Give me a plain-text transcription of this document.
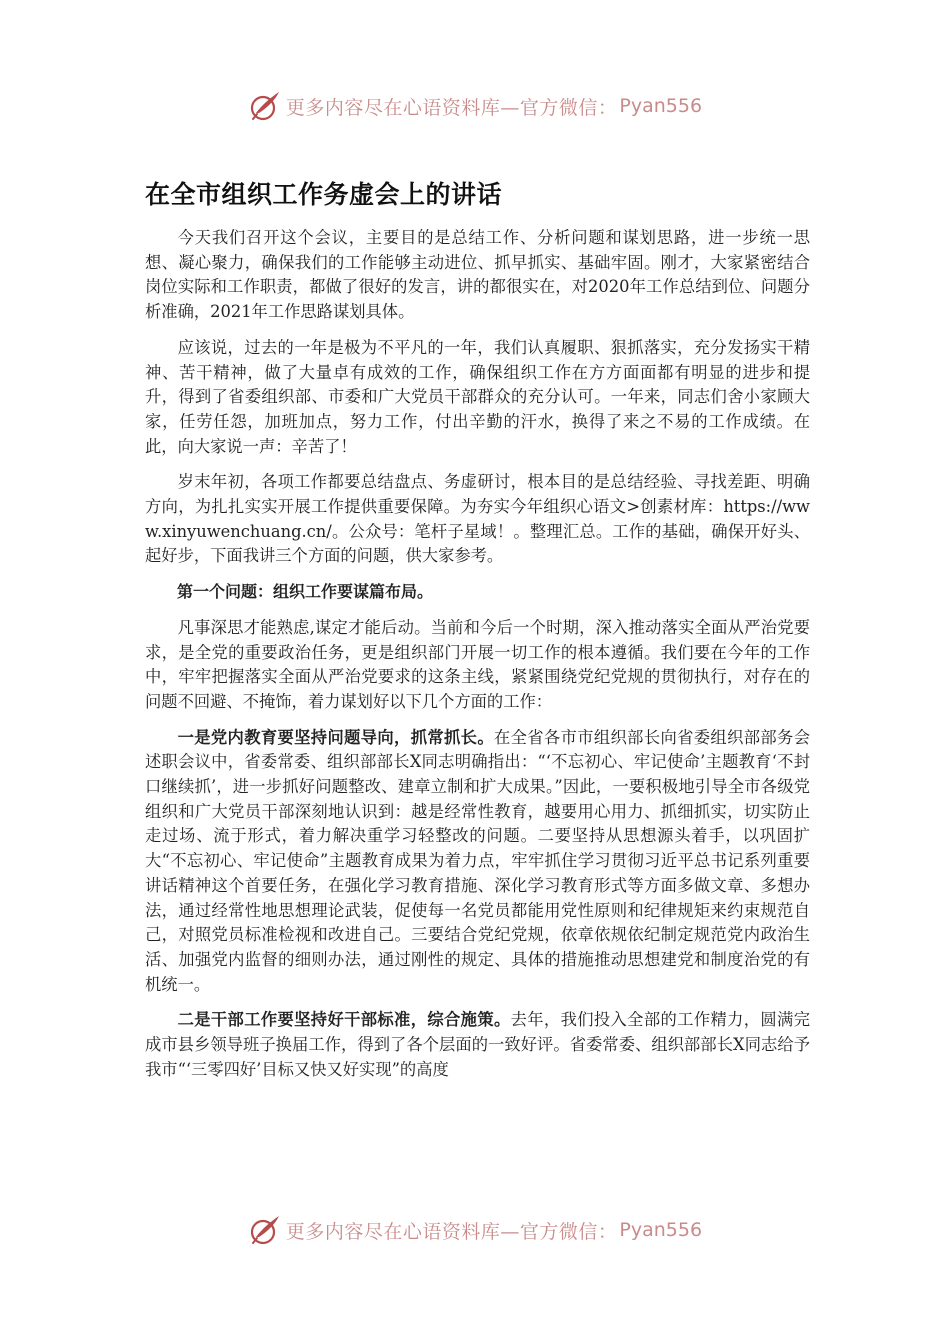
更多内容尽在心语资料库—官方微信： Pyan556
在全市组织工作务虚会上的讲话

今天我们召开这个会议，主要目的是总结工作、分析问题和谋划思路，进一步统一思想、凝心聚力，确保我们的工作能够主动进位、抓早抓实、基础牢固。刚才，大家紧密结合岗位实际和工作职责，都做了很好的发言，讲的都很实在，对2020年工作总结到位、问题分析准确，2021年工作思路谋划具体。

应该说，过去的一年是极为不平凡的一年，我们认真履职、狠抓落实，充分发扬实干精神、苦干精神，做了大量卓有成效的工作，确保组织工作在方方面面都有明显的进步和提升，得到了省委组织部、市委和广大党员干部群众的充分认可。一年来，同志们舍小家顾大家，任劳任怨，加班加点，努力工作，付出辛勤的汗水，换得了来之不易的工作成绩。在此，向大家说一声：辛苦了！

岁末年初，各项工作都要总结盘点、务虚研讨，根本目的是总结经验、寻找差距、明确方向，为扎扎实实开展工作提供重要保障。为夯实今年组织心语文>创素材库：https://www.xinyuwenchuang.cn/。公众号：笔杆子星域！。整理汇总。工作的基础，确保开好头、起好步，下面我讲三个方面的问题，供大家参考。

第一个问题：组织工作要谋篇布局。

凡事深思才能熟虑,谋定才能后动。当前和今后一个时期，深入推动落实全面从严治党要求，是全党的重要政治任务，更是组织部门开展一切工作的根本遵循。我们要在今年的工作中，牢牢把握落实全面从严治党要求的这条主线，紧紧围绕党纪党规的贯彻执行，对存在的问题不回避、不掩饰，着力谋划好以下几个方面的工作：

一是党内教育要坚持问题导向，抓常抓长。在全省各市市组织部长向省委组织部部务会述职会议中，省委常委、组织部部长X同志明确指出：“‘不忘初心、牢记使命’主题教育‘不封口继续抓’，进一步抓好问题整改、建章立制和扩大成果。”因此，一要积极地引导全市各级党组织和广大党员干部深刻地认识到：越是经常性教育，越要用心用力、抓细抓实，切实防止走过场、流于形式，着力解决重学习轻整改的问题。二要坚持从思想源头着手，以巩固扩大“不忘初心、牢记使命”主题教育成果为着力点，牢牢抓住学习贯彻习近平总书记系列重要讲话精神这个首要任务，在强化学习教育措施、深化学习教育形式等方面多做文章、多想办法，通过经常性地思想理论武装，促使每一名党员都能用党性原则和纪律规矩来约束规范自己，对照党员标准检视和改进自己。三要结合党纪党规，依章依规依纪制定规范党内政治生活、加强党内监督的细则办法，通过刚性的规定、具体的措施推动思想建党和制度治党的有机统一。

二是干部工作要坚持好干部标准，综合施策。去年，我们投入全部的工作精力，圆满完成市县乡领导班子换届工作，得到了各个层面的一致好评。省委常委、组织部部长X同志给予我市“‘三零四好’目标又快又好实现”的高度

更多内容尽在心语资料库—官方微信： Pyan556
